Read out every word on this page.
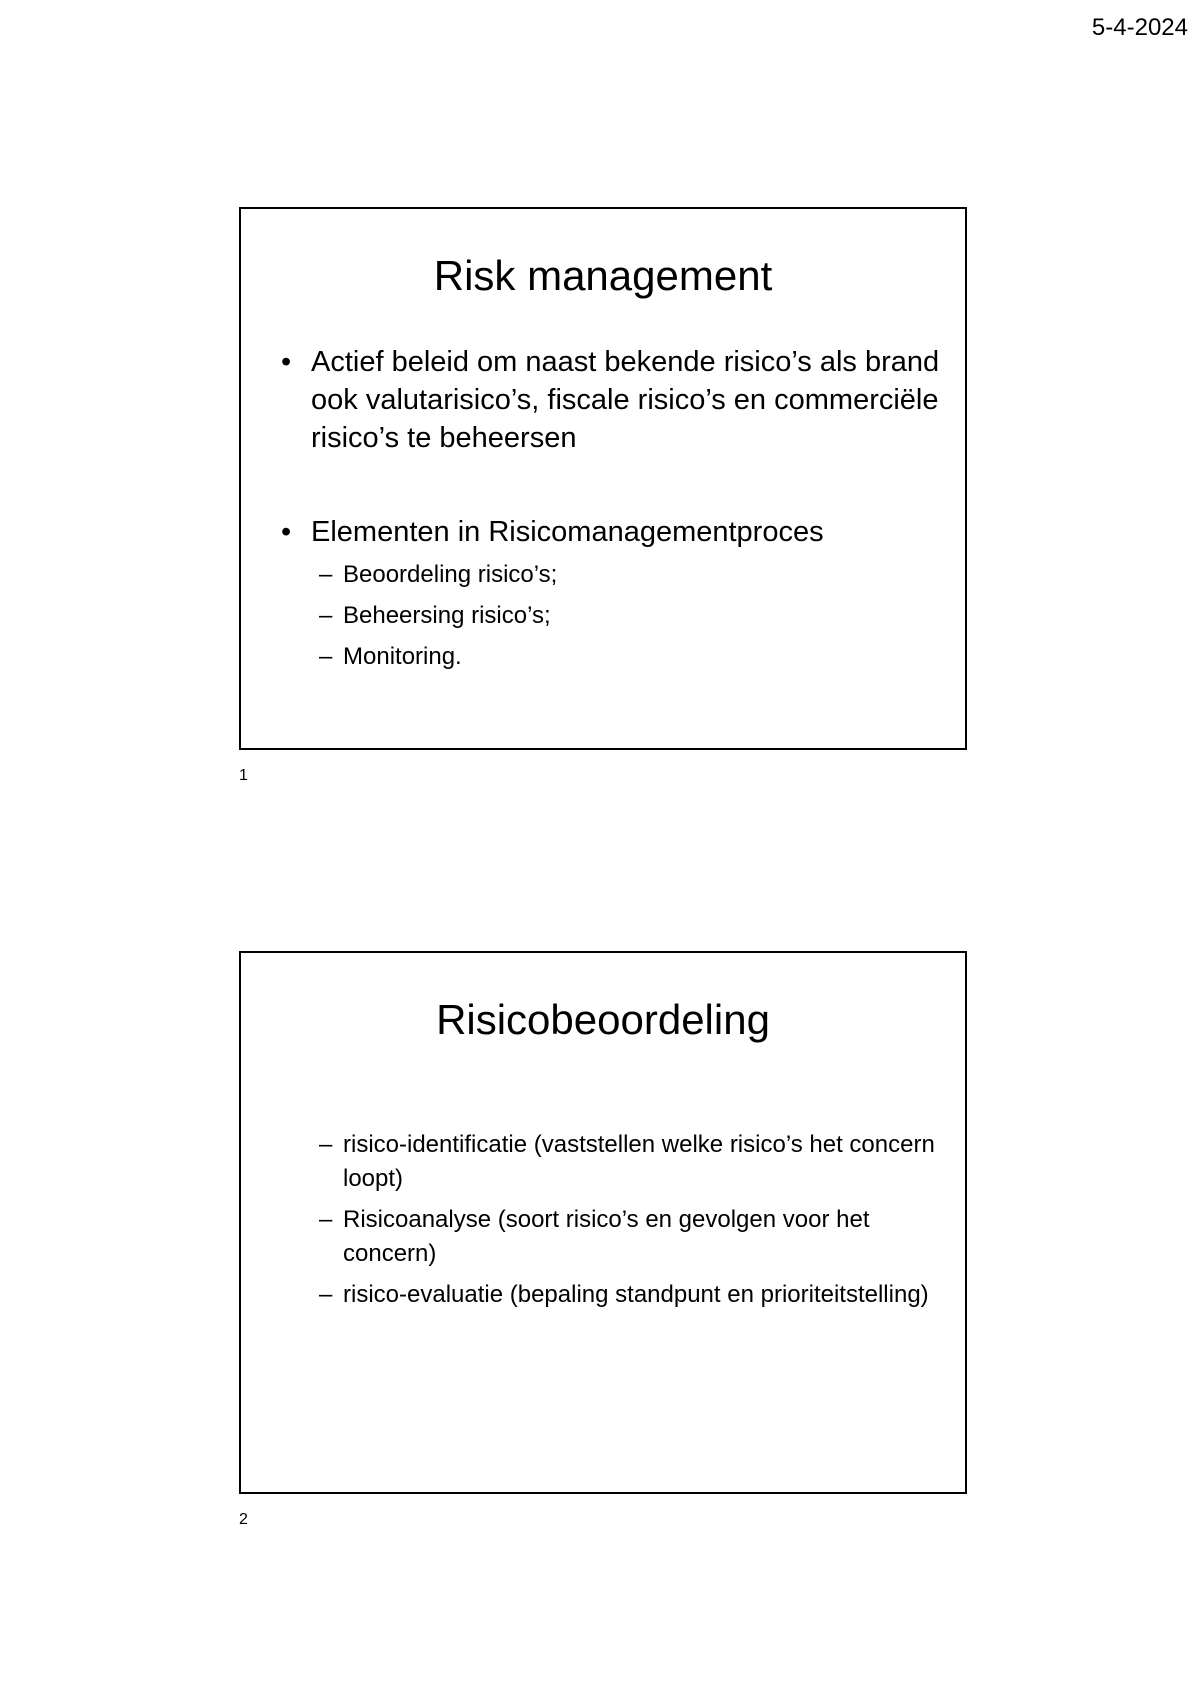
5-4-2024
Risk management
• Actief beleid om naast bekende risico’s als brand ook valutarisico’s, fiscale risico’s en commerciële risico’s te beheersen
• Elementen in Risicomanagementproces
– Beoordeling risico’s;
– Beheersing risico’s;
– Monitoring.
1
Risicobeoordeling
– risico-identificatie (vaststellen welke risico’s het concern loopt)
– Risicoanalyse (soort risico’s en gevolgen voor het concern)
– risico-evaluatie (bepaling standpunt en prioriteitstelling)
2
